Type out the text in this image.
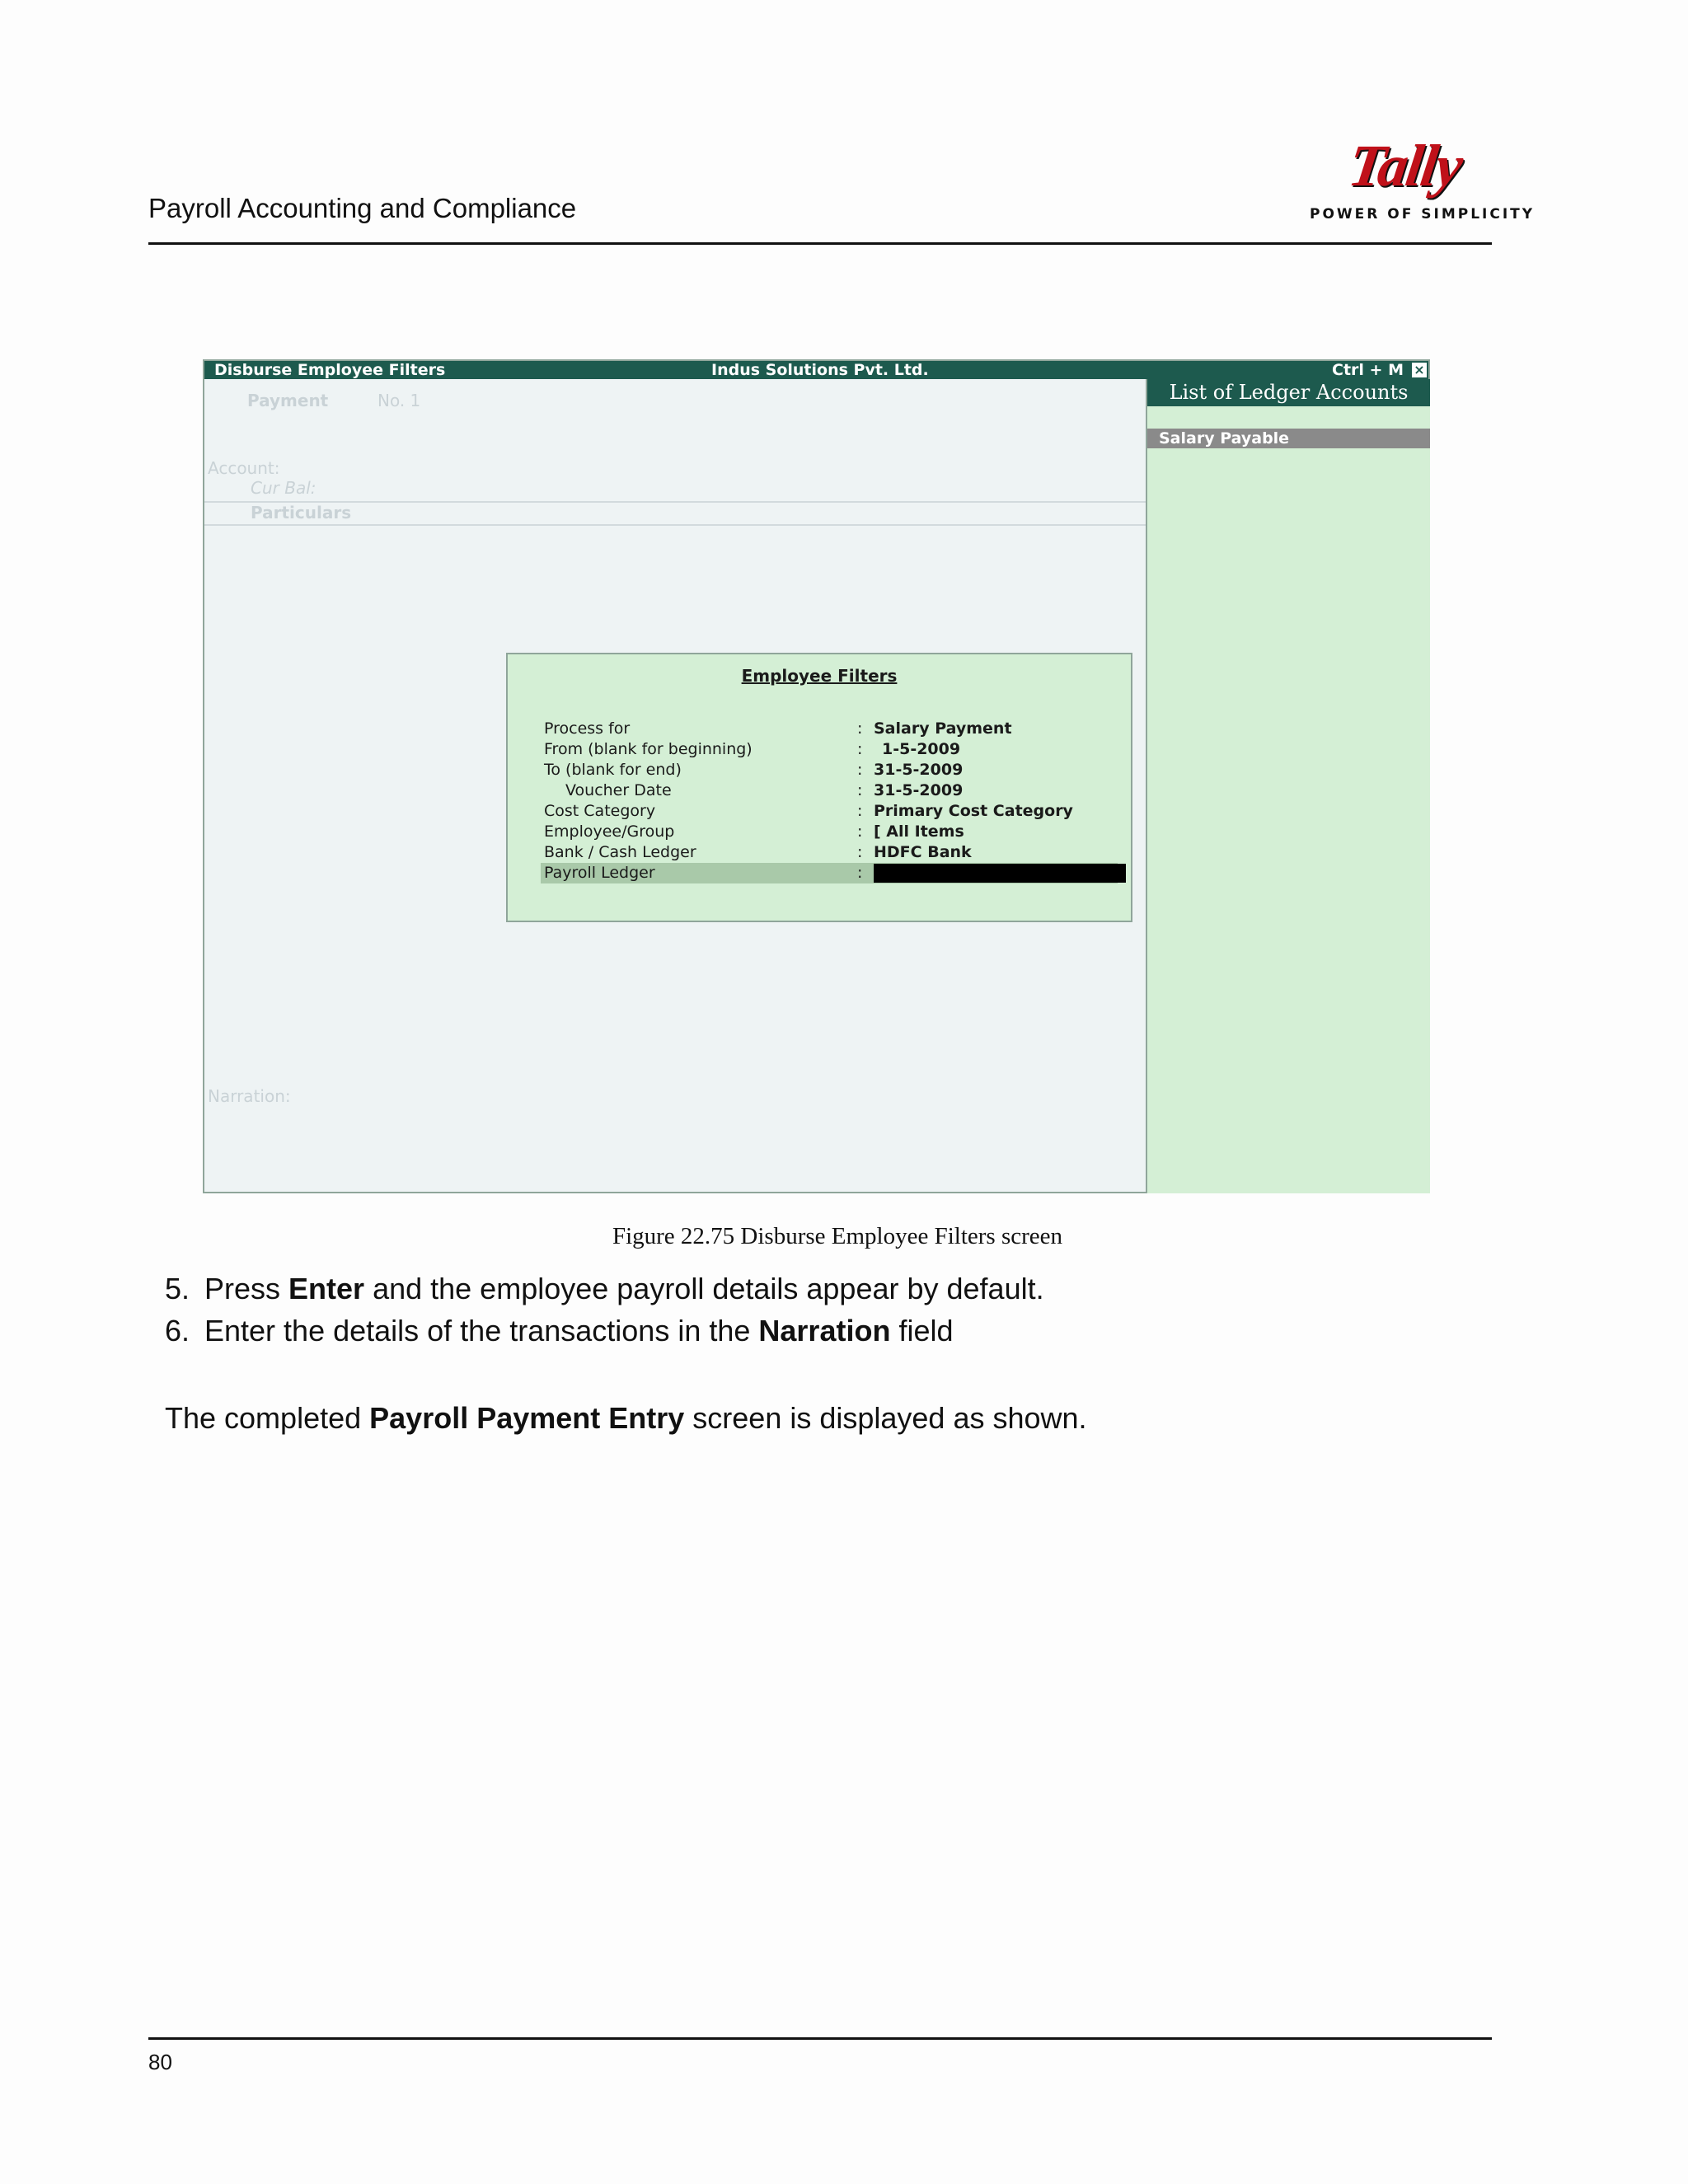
Payroll Accounting and Compliance
Tally
POWER OF SIMPLICITY
Disburse Employee Filters	Indus Solutions Pvt. Ltd.	Ctrl + M ×
Payment	No. 1
Account:
Cur Bal:
Particulars
Narration:
List of Ledger Accounts
Salary Payable
Employee Filters
Process for	: Salary Payment
From (blank for beginning)	: 1-5-2009
To (blank for end)	: 31-5-2009
Voucher Date	: 31-5-2009
Cost Category	: Primary Cost Category
Employee/Group	: [ All Items
Bank / Cash Ledger	: HDFC Bank
Payroll Ledger	:
Figure 22.75 Disburse Employee Filters screen
5. Press Enter and the employee payroll details appear by default.
6. Enter the details of the transactions in the Narration field
The completed Payroll Payment Entry screen is displayed as shown.
80
